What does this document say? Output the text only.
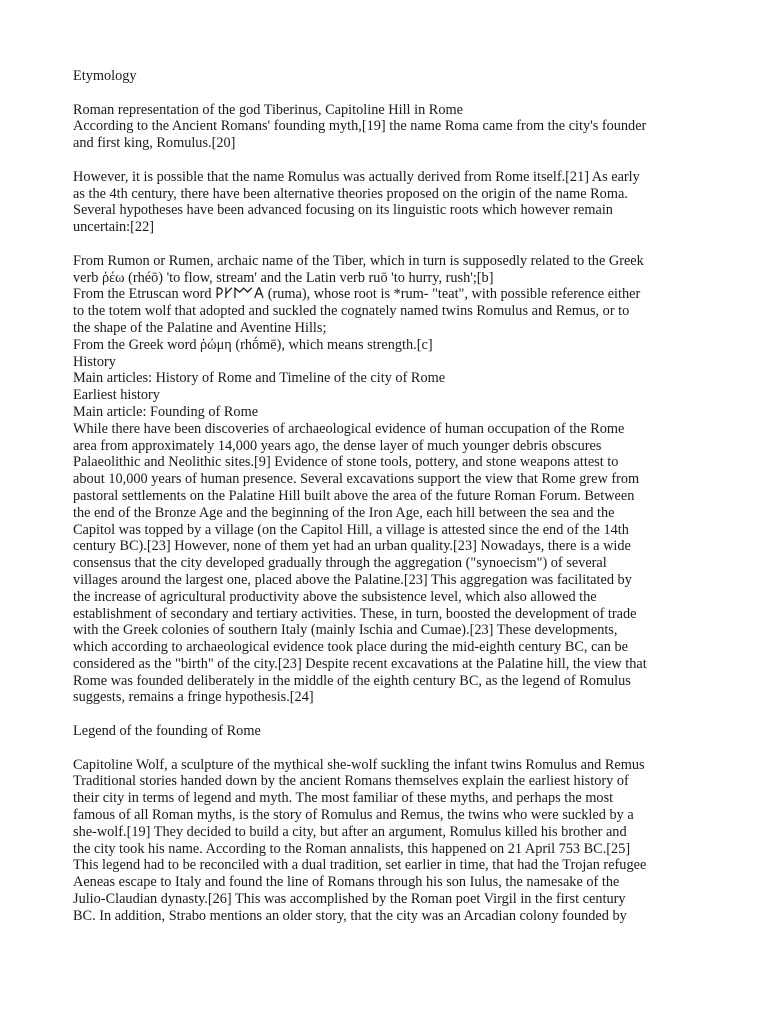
Etymology
Roman representation of the god Tiberinus, Capitoline Hill in Rome
According to the Ancient Romans' founding myth,[19] the name Roma came from the city's founder
and first king, Romulus.[20]
However, it is possible that the name Romulus was actually derived from Rome itself.[21] As early
as the 4th century, there have been alternative theories proposed on the origin of the name Roma.
Several hypotheses have been advanced focusing on its linguistic roots which however remain
uncertain:[22]
From Rumon or Rumen, archaic name of the Tiber, which in turn is supposedly related to the Greek
verb ῥέω (rhéō) 'to flow, stream' and the Latin verb ruō 'to hurry, rush';[b]
From the Etruscan word 𐌓𐌖𐌌𐌀 (ruma), whose root is *rum- "teat", with possible reference either
to the totem wolf that adopted and suckled the cognately named twins Romulus and Remus, or to
the shape of the Palatine and Aventine Hills;
From the Greek word ῥώμη (rhṓmē), which means strength.[c]
History
Main articles: History of Rome and Timeline of the city of Rome
Earliest history
Main article: Founding of Rome
While there have been discoveries of archaeological evidence of human occupation of the Rome
area from approximately 14,000 years ago, the dense layer of much younger debris obscures
Palaeolithic and Neolithic sites.[9] Evidence of stone tools, pottery, and stone weapons attest to
about 10,000 years of human presence. Several excavations support the view that Rome grew from
pastoral settlements on the Palatine Hill built above the area of the future Roman Forum. Between
the end of the Bronze Age and the beginning of the Iron Age, each hill between the sea and the
Capitol was topped by a village (on the Capitol Hill, a village is attested since the end of the 14th
century BC).[23] However, none of them yet had an urban quality.[23] Nowadays, there is a wide
consensus that the city developed gradually through the aggregation ("synoecism") of several
villages around the largest one, placed above the Palatine.[23] This aggregation was facilitated by
the increase of agricultural productivity above the subsistence level, which also allowed the
establishment of secondary and tertiary activities. These, in turn, boosted the development of trade
with the Greek colonies of southern Italy (mainly Ischia and Cumae).[23] These developments,
which according to archaeological evidence took place during the mid-eighth century BC, can be
considered as the "birth" of the city.[23] Despite recent excavations at the Palatine hill, the view that
Rome was founded deliberately in the middle of the eighth century BC, as the legend of Romulus
suggests, remains a fringe hypothesis.[24]
Legend of the founding of Rome
Capitoline Wolf, a sculpture of the mythical she-wolf suckling the infant twins Romulus and Remus
Traditional stories handed down by the ancient Romans themselves explain the earliest history of
their city in terms of legend and myth. The most familiar of these myths, and perhaps the most
famous of all Roman myths, is the story of Romulus and Remus, the twins who were suckled by a
she-wolf.[19] They decided to build a city, but after an argument, Romulus killed his brother and
the city took his name. According to the Roman annalists, this happened on 21 April 753 BC.[25]
This legend had to be reconciled with a dual tradition, set earlier in time, that had the Trojan refugee
Aeneas escape to Italy and found the line of Romans through his son Iulus, the namesake of the
Julio-Claudian dynasty.[26] This was accomplished by the Roman poet Virgil in the first century
BC. In addition, Strabo mentions an older story, that the city was an Arcadian colony founded by
